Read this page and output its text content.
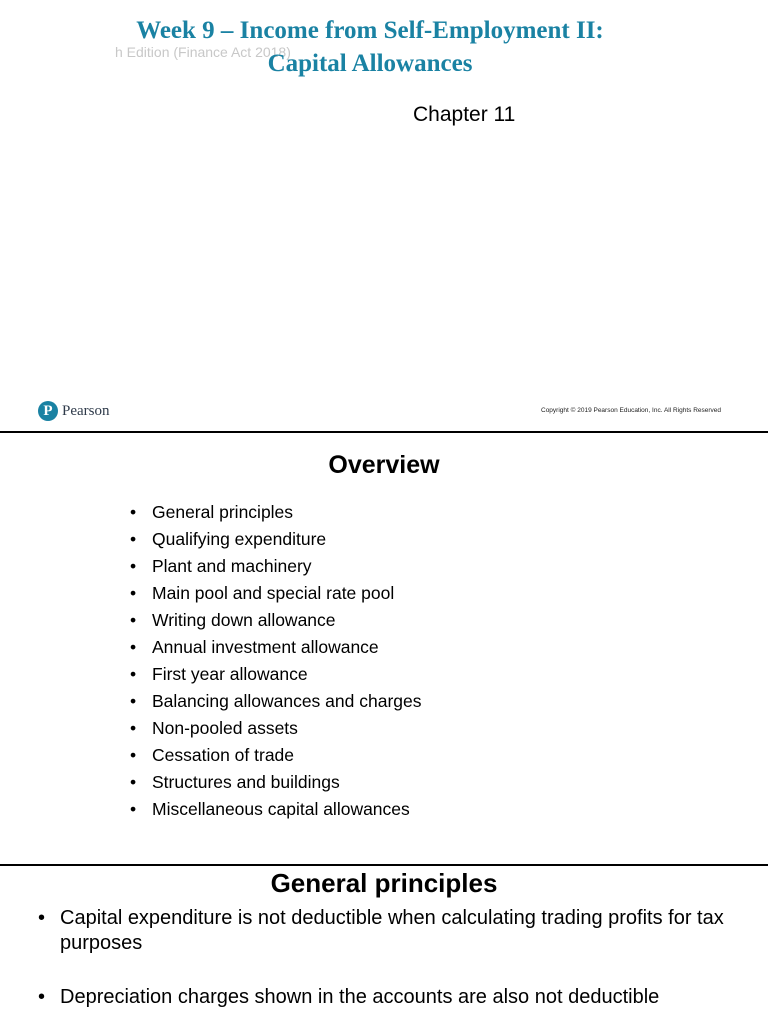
h Edition (Finance Act 2018)
Week 9 – Income from Self-Employment II:
Capital Allowances
Chapter 11
P Pearson	Copyright © 2019 Pearson Education, Inc. All Rights Reserved
Overview
• General principles
• Qualifying expenditure
• Plant and machinery
• Main pool and special rate pool
• Writing down allowance
• Annual investment allowance
• First year allowance
• Balancing allowances and charges
• Non-pooled assets
• Cessation of trade
• Structures and buildings
• Miscellaneous capital allowances
General principles
• Capital expenditure is not deductible when calculating trading profits for tax purposes
• Depreciation charges shown in the accounts are also not deductible
